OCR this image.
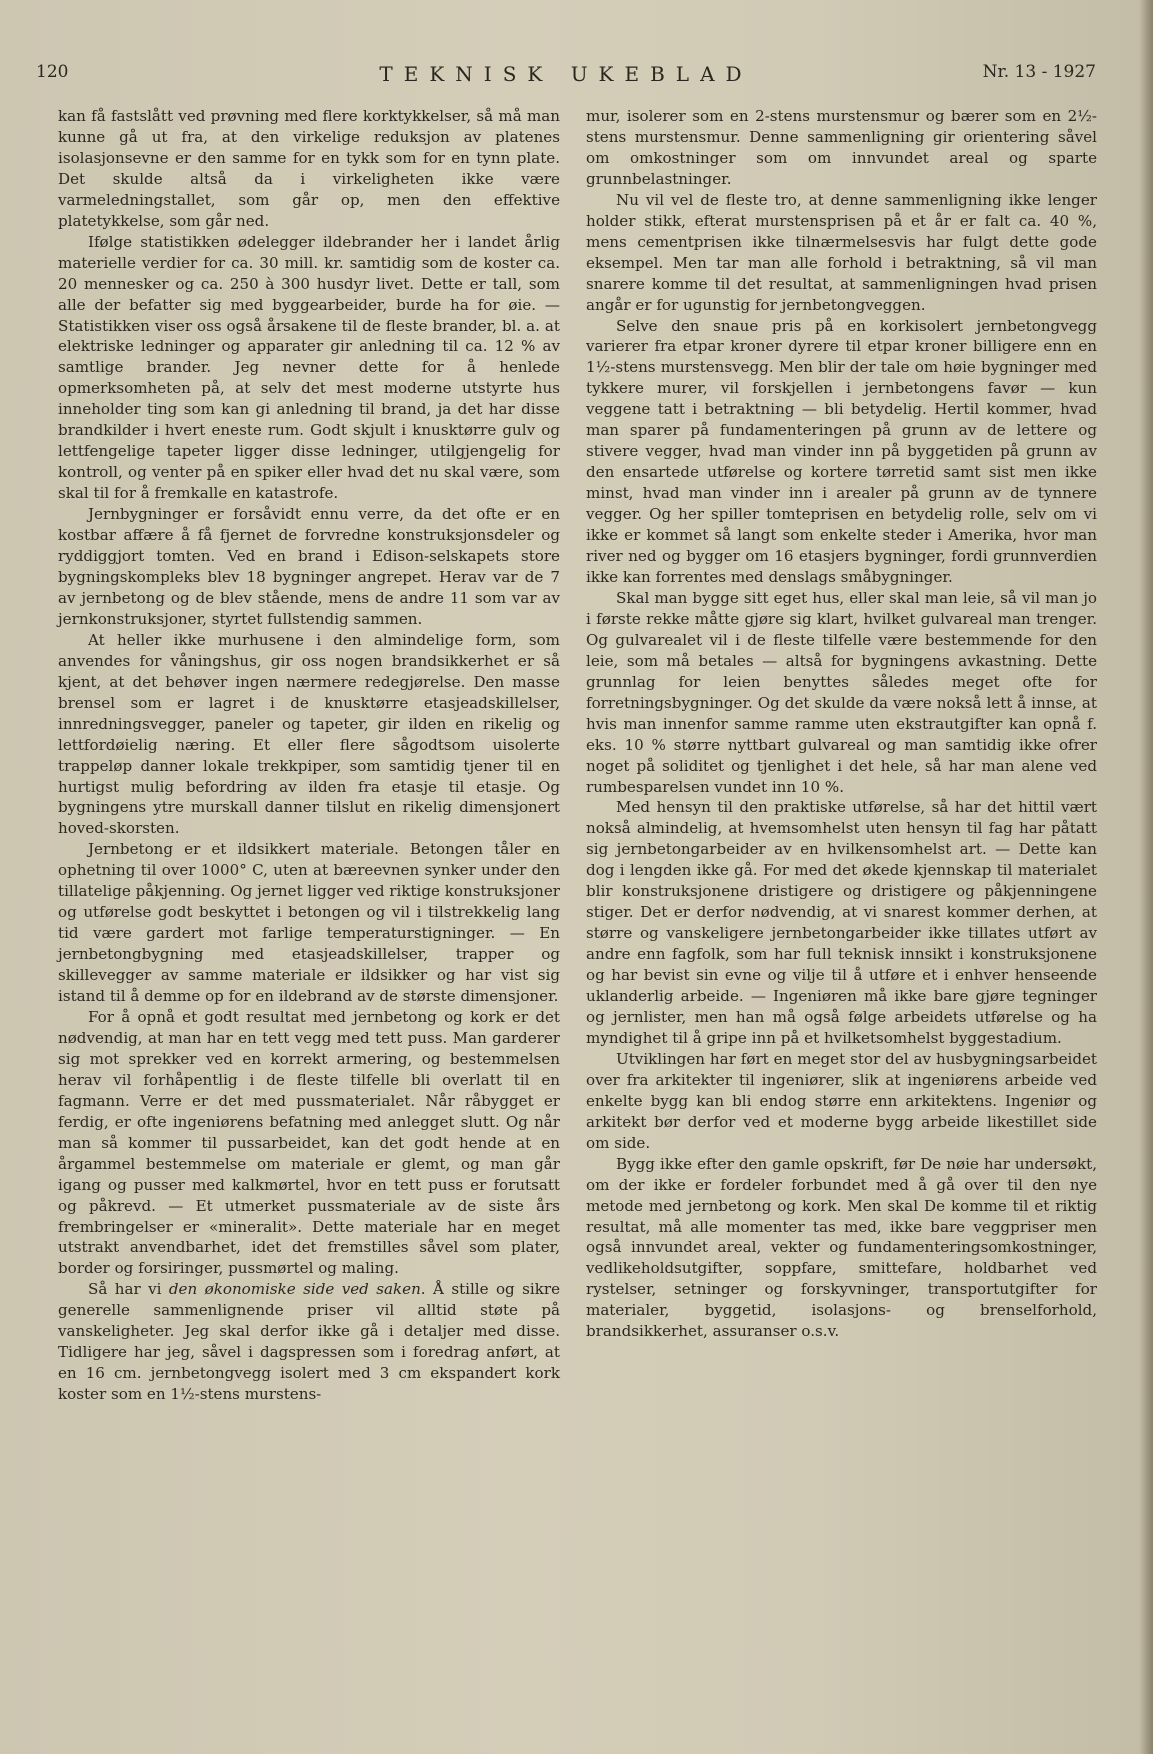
120	TEKNISK UKEBLAD	Nr. 13 - 1927

kan få fastslått ved prøvning med flere korktykkelser, så må man kunne gå ut fra, at den virkelige reduksjon av platenes isolasjonsevne er den samme for en tykk som for en tynn plate. Det skulde altså da i virkeligheten ikke være varmeledningstallet, som går op, men den effektive platetykkelse, som går ned.

Ifølge statistikken ødelegger ildebrander her i landet årlig materielle verdier for ca. 30 mill. kr. samtidig som de koster ca. 20 mennesker og ca. 250 à 300 husdyr livet. Dette er tall, som alle der befatter sig med byggearbeider, burde ha for øie. — Statistikken viser oss også årsakene til de fleste brander, bl. a. at elektriske ledninger og apparater gir anledning til ca. 12 % av samtlige brander. Jeg nevner dette for å henlede opmerksomheten på, at selv det mest moderne utstyrte hus inneholder ting som kan gi anledning til brand, ja det har disse brandkilder i hvert eneste rum. Godt skjult i knusktørre gulv og lettfengelige tapeter ligger disse ledninger, utilgjengelig for kontroll, og venter på en spiker eller hvad det nu skal være, som skal til for å fremkalle en katastrofe.

Jernbygninger er forsåvidt ennu verre, da det ofte er en kostbar affære å få fjernet de forvredne konstruksjonsdeler og ryddiggjort tomten. Ved en brand i Edison-selskapets store bygningskompleks blev 18 bygninger angrepet. Herav var de 7 av jernbetong og de blev stående, mens de andre 11 som var av jernkonstruksjoner, styrtet fullstendig sammen.

At heller ikke murhusene i den almindelige form, som anvendes for våningshus, gir oss nogen brandsikkerhet er så kjent, at det behøver ingen nærmere redegjørelse. Den masse brensel som er lagret i de knusktørre etasjeadskillelser, innredningsvegger, paneler og tapeter, gir ilden en rikelig og lettfordøielig næring. Et eller flere sågodtsom uisolerte trappeløp danner lokale trekkpiper, som samtidig tjener til en hurtigst mulig befordring av ilden fra etasje til etasje. Og bygningens ytre murskall danner tilslut en rikelig dimensjonert hoved-skorsten.

Jernbetong er et ildsikkert materiale. Betongen tåler en ophetning til over 1000° C, uten at bæreevnen synker under den tillatelige påkjenning. Og jernet ligger ved riktige konstruksjoner og utførelse godt beskyttet i betongen og vil i tilstrekkelig lang tid være gardert mot farlige temperaturstigninger. — En jernbetongbygning med etasjeadskillelser, trapper og skillevegger av samme materiale er ildsikker og har vist sig istand til å demme op for en ildebrand av de største dimensjoner.

For å opnå et godt resultat med jernbetong og kork er det nødvendig, at man har en tett vegg med tett puss. Man garderer sig mot sprekker ved en korrekt armering, og bestemmelsen herav vil forhåpentlig i de fleste tilfelle bli overlatt til en fagmann. Verre er det med pussmaterialet. Når råbygget er ferdig, er ofte ingeniørens befatning med anlegget slutt. Og når man så kommer til pussarbeidet, kan det godt hende at en årgammel bestemmelse om materiale er glemt, og man går igang og pusser med kalkmørtel, hvor en tett puss er forutsatt og påkrevd. — Et utmerket pussmateriale av de siste års frembringelser er «mineralit». Dette materiale har en meget utstrakt anvendbarhet, idet det fremstilles såvel som plater, border og forsiringer, pussmørtel og maling.

Så har vi den økonomiske side ved saken. Å stille og sikre generelle sammenlignende priser vil alltid støte på vanskeligheter. Jeg skal derfor ikke gå i detaljer med disse. Tidligere har jeg, såvel i dagspressen som i foredrag anført, at en 16 cm. jernbetongvegg isolert med 3 cm ekspandert kork koster som en 1½-stens murstens-

mur, isolerer som en 2-stens murstensmur og bærer som en 2½-stens murstensmur. Denne sammenligning gir orientering såvel om omkostninger som om innvundet areal og sparte grunnbelastninger.

Nu vil vel de fleste tro, at denne sammenligning ikke lenger holder stikk, efterat murstensprisen på et år er falt ca. 40 %, mens cementprisen ikke tilnærmelsesvis har fulgt dette gode eksempel. Men tar man alle forhold i betraktning, så vil man snarere komme til det resultat, at sammenligningen hvad prisen angår er for ugunstig for jernbetongveggen.

Selve den snaue pris på en korkisolert jernbetongvegg varierer fra etpar kroner dyrere til etpar kroner billigere enn en 1½-stens murstensvegg. Men blir der tale om høie bygninger med tykkere murer, vil forskjellen i jernbetongens favør — kun veggene tatt i betraktning — bli betydelig. Hertil kommer, hvad man sparer på fundamenteringen på grunn av de lettere og stivere vegger, hvad man vinder inn på byggetiden på grunn av den ensartede utførelse og kortere tørretid samt sist men ikke minst, hvad man vinder inn i arealer på grunn av de tynnere vegger. Og her spiller tomteprisen en betydelig rolle, selv om vi ikke er kommet så langt som enkelte steder i Amerika, hvor man river ned og bygger om 16 etasjers bygninger, fordi grunnverdien ikke kan forrentes med denslags småbygninger.

Skal man bygge sitt eget hus, eller skal man leie, så vil man jo i første rekke måtte gjøre sig klart, hvilket gulvareal man trenger. Og gulvarealet vil i de fleste tilfelle være bestemmende for den leie, som må betales — altså for bygningens avkastning. Dette grunnlag for leien benyttes således meget ofte for forretningsbygninger. Og det skulde da være nokså lett å innse, at hvis man innenfor samme ramme uten ekstrautgifter kan opnå f. eks. 10 % større nyttbart gulvareal og man samtidig ikke ofrer noget på soliditet og tjenlighet i det hele, så har man alene ved rumbesparelsen vundet inn 10 %.

Med hensyn til den praktiske utførelse, så har det hittil vært nokså almindelig, at hvemsomhelst uten hensyn til fag har påtatt sig jernbetongarbeider av en hvilkensomhelst art. — Dette kan dog i lengden ikke gå. For med det økede kjennskap til materialet blir konstruksjonene dristigere og dristigere og påkjenningene stiger. Det er derfor nødvendig, at vi snarest kommer derhen, at større og vanskeligere jernbetongarbeider ikke tillates utført av andre enn fagfolk, som har full teknisk innsikt i konstruksjonene og har bevist sin evne og vilje til å utføre et i enhver henseende uklanderlig arbeide. — Ingeniøren må ikke bare gjøre tegninger og jernlister, men han må også følge arbeidets utførelse og ha myndighet til å gripe inn på et hvilketsomhelst byggestadium.

Utviklingen har ført en meget stor del av husbygningsarbeidet over fra arkitekter til ingeniører, slik at ingeniørens arbeide ved enkelte bygg kan bli endog større enn arkitektens. Ingeniør og arkitekt bør derfor ved et moderne bygg arbeide likestillet side om side.

Bygg ikke efter den gamle opskrift, før De nøie har undersøkt, om der ikke er fordeler forbundet med å gå over til den nye metode med jernbetong og kork. Men skal De komme til et riktig resultat, må alle momenter tas med, ikke bare veggpriser men også innvundet areal, vekter og fundamenteringsomkostninger, vedlikeholdsutgifter, soppfare, smittefare, holdbarhet ved rystelser, setninger og forskyvninger, transportutgifter for materialer, byggetid, isolasjons- og brenselforhold, brandsikkerhet, assuranser o.s.v.
